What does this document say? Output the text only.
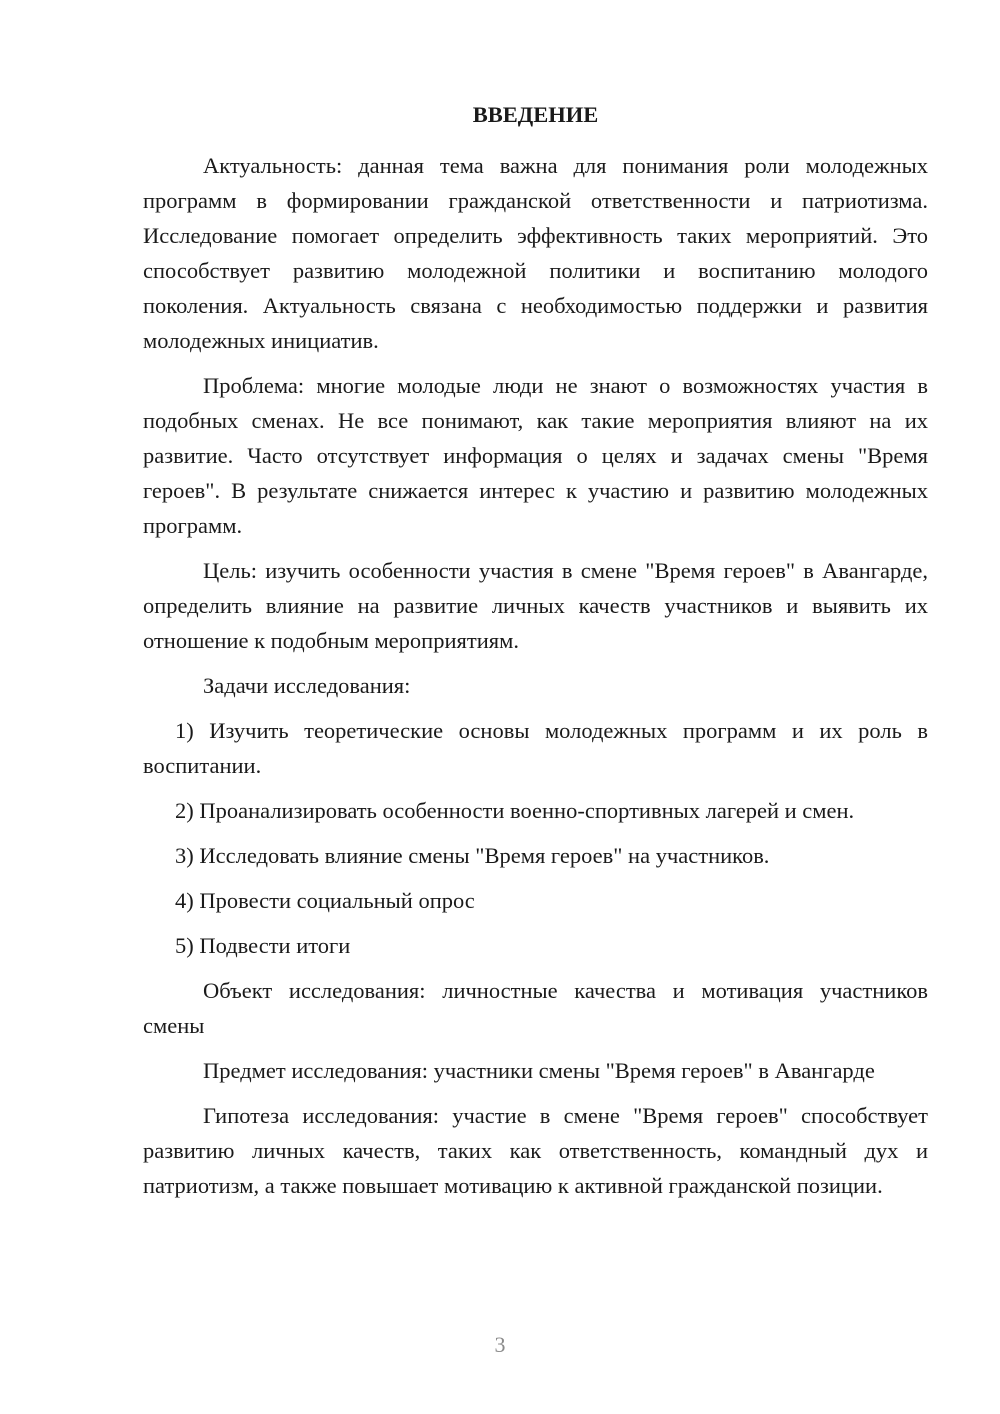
ВВЕДЕНИЕ

Актуальность: данная тема важна для понимания роли молодежных программ в формировании гражданской ответственности и патриотизма. Исследование помогает определить эффективность таких мероприятий. Это способствует развитию молодежной политики и воспитанию молодого поколения. Актуальность связана с необходимостью поддержки и развития молодежных инициатив.

Проблема: многие молодые люди не знают о возможностях участия в подобных сменах. Не все понимают, как такие мероприятия влияют на их развитие. Часто отсутствует информация о целях и задачах смены "Время героев". В результате снижается интерес к участию и развитию молодежных программ.

Цель: изучить особенности участия в смене "Время героев" в Авангарде, определить влияние на развитие личных качеств участников и выявить их отношение к подобным мероприятиям.

Задачи исследования:

1) Изучить теоретические основы молодежных программ и их роль в воспитании.

2) Проанализировать особенности военно-спортивных лагерей и смен.

3) Исследовать влияние смены "Время героев" на участников.

4) Провести социальный опрос

5) Подвести итоги

Объект исследования: личностные качества и мотивация участников смены

Предмет исследования: участники смены "Время героев" в Авангарде

Гипотеза исследования: участие в смене "Время героев" способствует развитию личных качеств, таких как ответственность, командный дух и патриотизм, а также повышает мотивацию к активной гражданской позиции.

3
